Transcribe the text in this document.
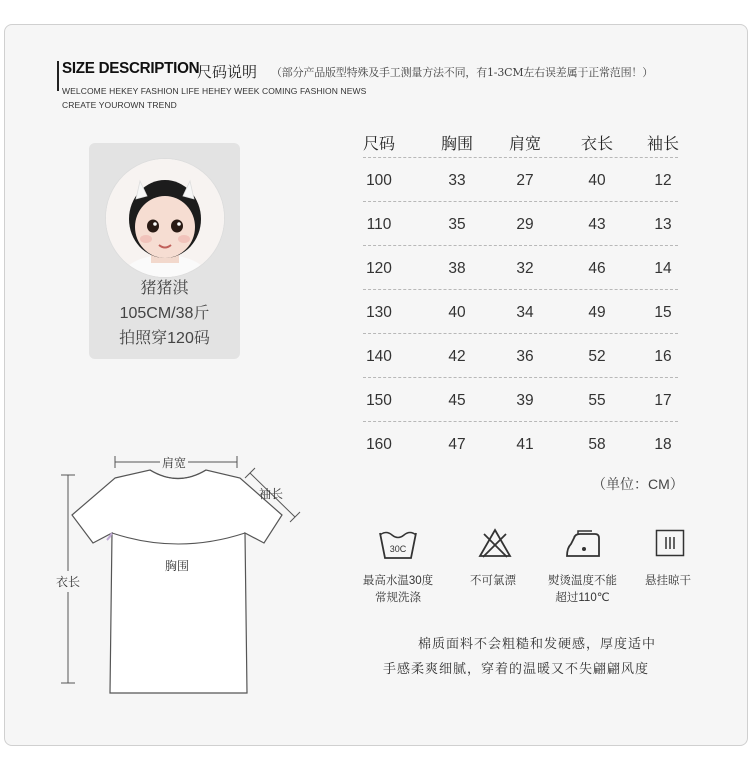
SIZE DESCRIPTION
尺码说明 （部分产品版型特殊及手工测量方法不同，有1-3CM左右误差属于正常范围！）
WELCOME HEKEY FASHION LIFE HEHEY WEEK COMING FASHION NEWS
CREATE YOUROWN TREND
猪猪淇
105CM/38斤
拍照穿120码
尺码	胸围	肩宽	衣长	袖长
100	33	27	40	12
110	35	29	43	13
120	38	32	46	14
130	40	34	49	15
140	42	36	52	16
150	45	39	55	17
160	47	41	58	18
（单位：CM）
肩宽
袖长
胸围
衣长
30C
最高水温30度
常规洗涤
不可氯漂	熨烫温度不能
超过110℃
悬挂晾干
棉质面料不会粗糙和发硬感，厚度适中
手感柔爽细腻，穿着的温暖又不失翩翩风度
